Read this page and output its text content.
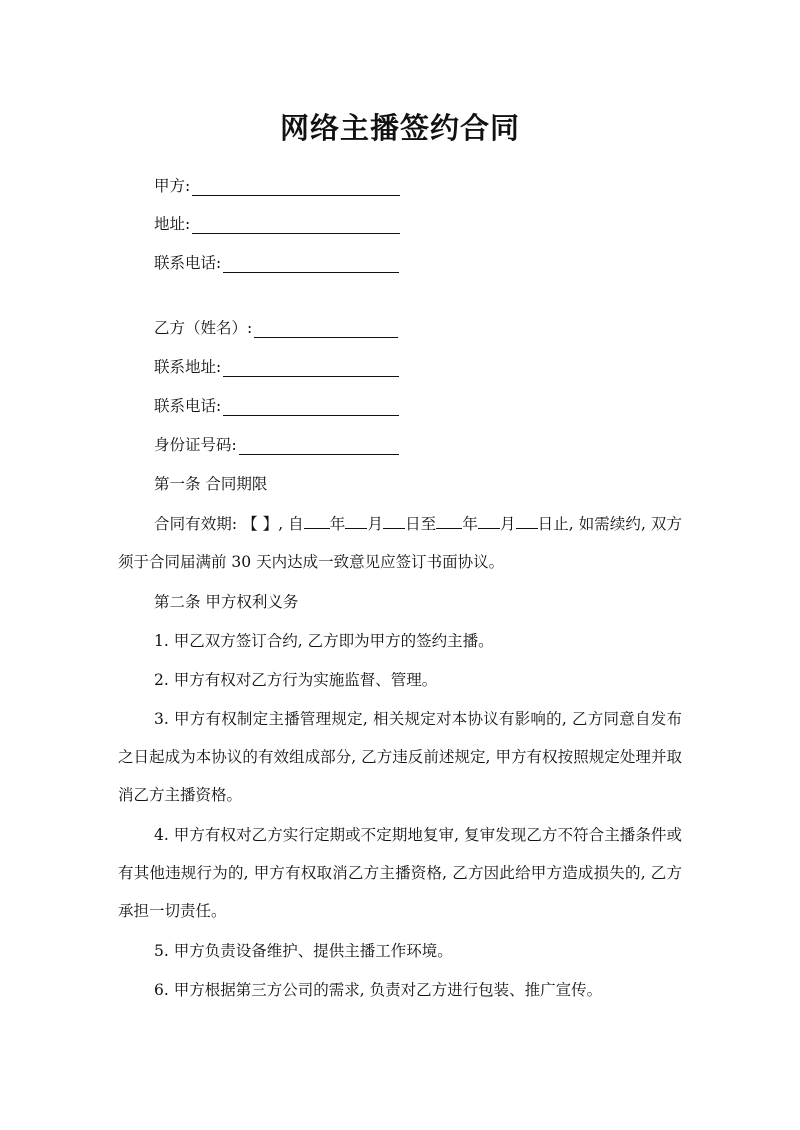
网络主播签约合同
甲方:
地址:
联系电话:
乙方（姓名）:
联系地址:
联系电话:
身份证号码:
第一条 合同期限

合同有效期: 【 】, 自 年 月 日至 年 月 日止, 如需续约, 双方须于合同届满前 30 天内达成一致意见应签订书面协议。

第二条 甲方权利义务

1. 甲乙双方签订合约, 乙方即为甲方的签约主播。

2. 甲方有权对乙方行为实施监督、管理。

3. 甲方有权制定主播管理规定, 相关规定对本协议有影响的, 乙方同意自发布之日起成为本协议的有效组成部分, 乙方违反前述规定, 甲方有权按照规定处理并取消乙方主播资格。

4. 甲方有权对乙方实行定期或不定期地复审, 复审发现乙方不符合主播条件或有其他违规行为的, 甲方有权取消乙方主播资格, 乙方因此给甲方造成损失的, 乙方承担一切责任。

5. 甲方负责设备维护、提供主播工作环境。

6. 甲方根据第三方公司的需求, 负责对乙方进行包装、推广宣传。
